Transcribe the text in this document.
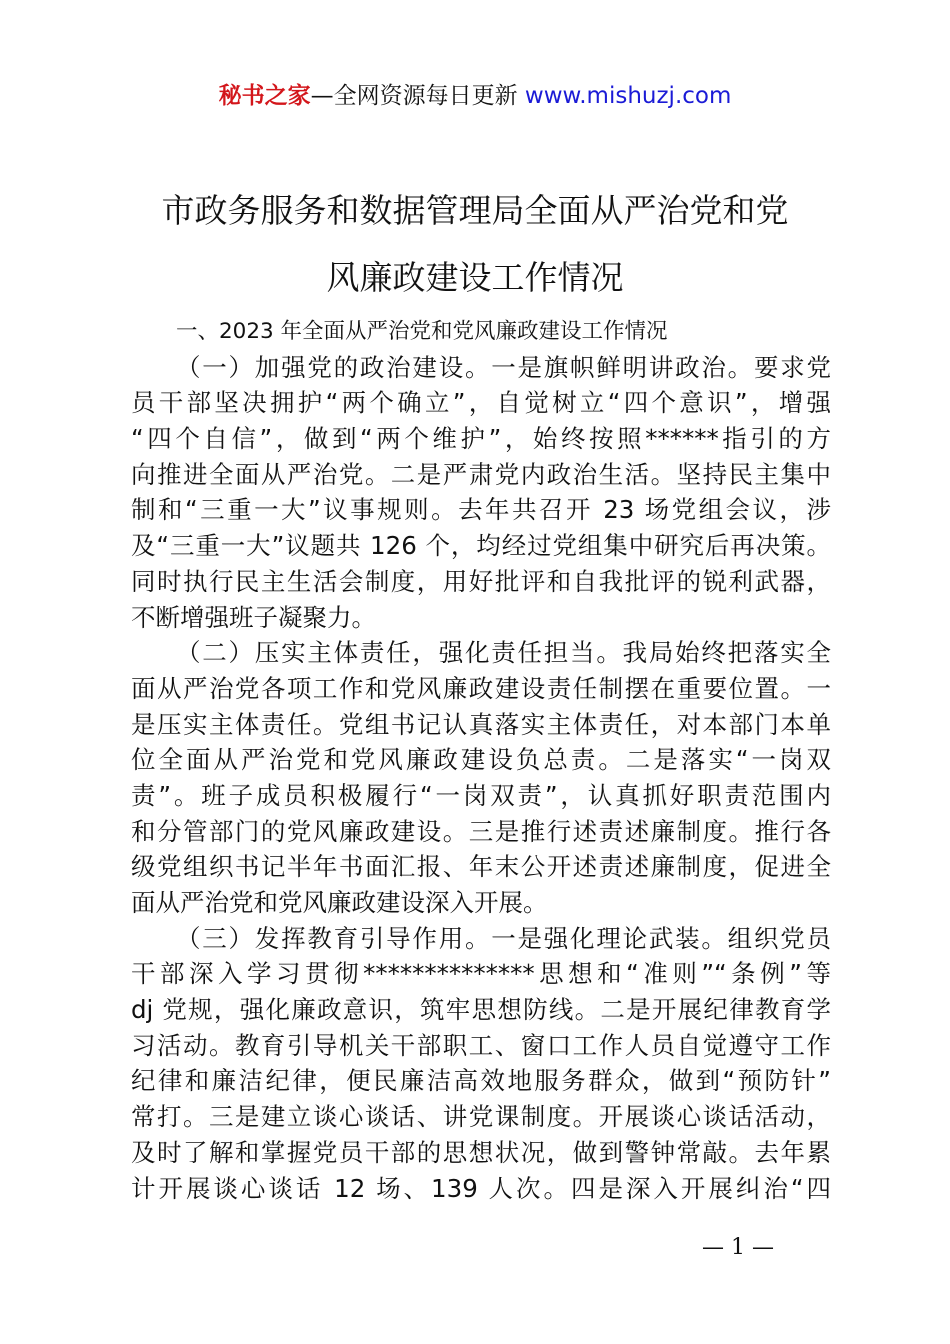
秘书之家—全网资源每日更新 www.mishuzj.com
市政务服务和数据管理局全面从严治党和党
风廉政建设工作情况
一、2023 年全面从严治党和党风廉政建设工作情况
（一）加强党的政治建设。一是旗帜鲜明讲政治。要求党
员干部坚决拥护“两个确立”，自觉树立“四个意识”，增强
“四个自信”，做到“两个维护”，始终按照******指引的方
向推进全面从严治党。二是严肃党内政治生活。坚持民主集中
制和“三重一大”议事规则。去年共召开 23 场党组会议，涉
及“三重一大”议题共 126 个，均经过党组集中研究后再决策。
同时执行民主生活会制度，用好批评和自我批评的锐利武器，
不断增强班子凝聚力。
（二）压实主体责任，强化责任担当。我局始终把落实全
面从严治党各项工作和党风廉政建设责任制摆在重要位置。一
是压实主体责任。党组书记认真落实主体责任，对本部门本单
位全面从严治党和党风廉政建设负总责。二是落实“一岗双
责”。班子成员积极履行“一岗双责”，认真抓好职责范围内
和分管部门的党风廉政建设。三是推行述责述廉制度。推行各
级党组织书记半年书面汇报、年末公开述责述廉制度，促进全
面从严治党和党风廉政建设深入开展。
（三）发挥教育引导作用。一是强化理论武装。组织党员
干部深入学习贯彻**************思想和“准则”“条例”等
dj 党规，强化廉政意识，筑牢思想防线。二是开展纪律教育学
习活动。教育引导机关干部职工、窗口工作人员自觉遵守工作
纪律和廉洁纪律，便民廉洁高效地服务群众，做到“预防针”
常打。三是建立谈心谈话、讲党课制度。开展谈心谈话活动，
及时了解和掌握党员干部的思想状况，做到警钟常敲。去年累
计开展谈心谈话 12 场、139 人次。四是深入开展纠治“四
— 1 —
